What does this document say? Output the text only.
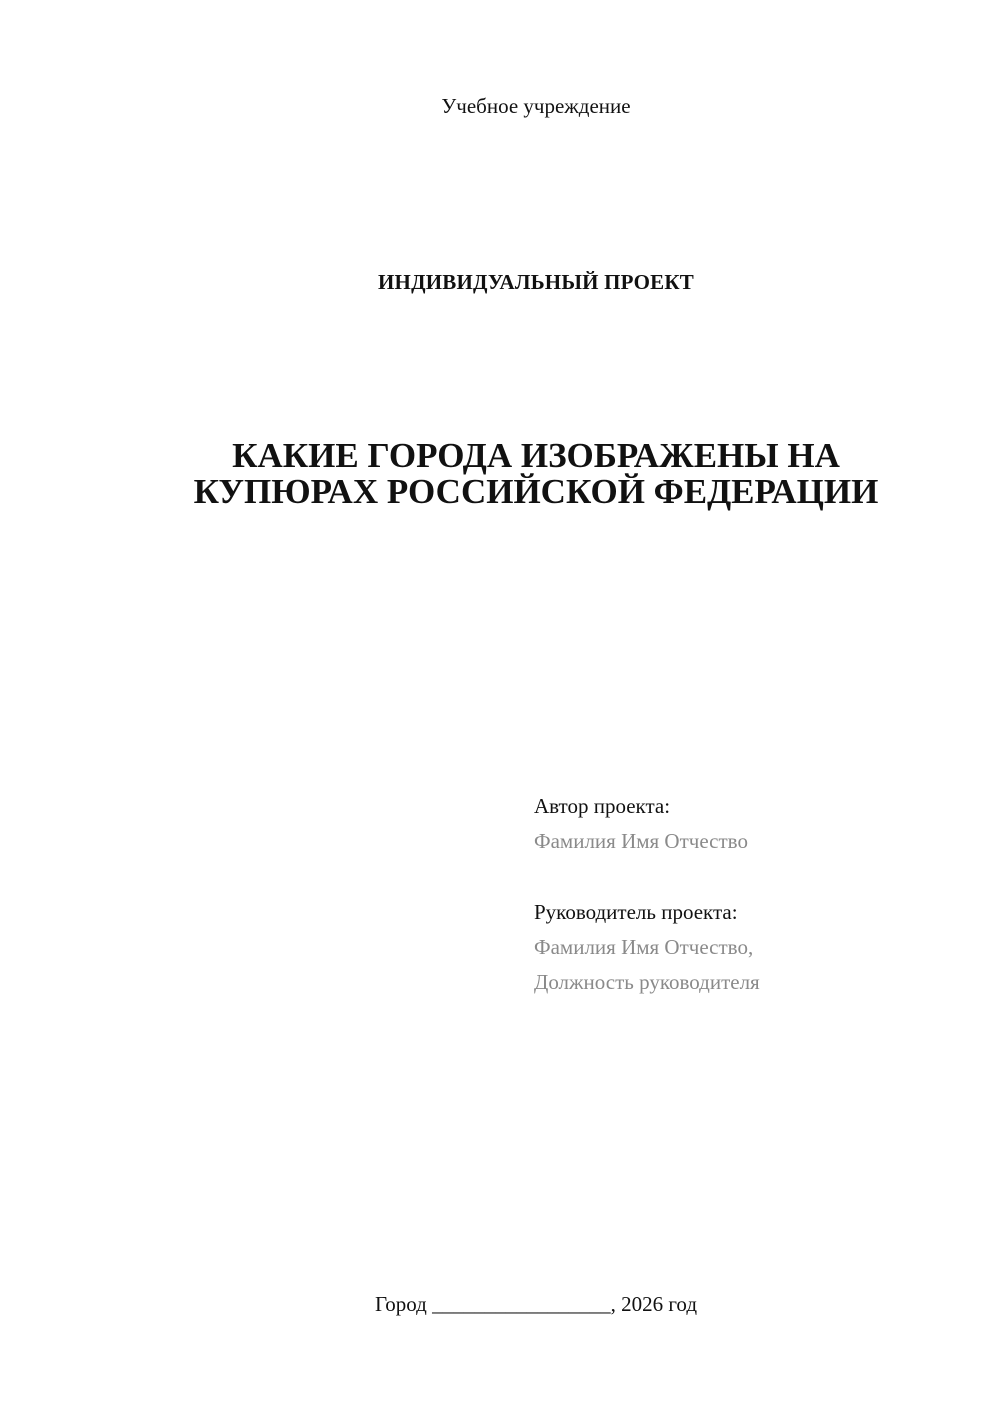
Учебное учреждение
ИНДИВИДУАЛЬНЫЙ ПРОЕКТ
КАКИЕ ГОРОДА ИЗОБРАЖЕНЫ НА
КУПЮРАХ РОССИЙСКОЙ ФЕДЕРАЦИИ
Автор проекта:
Фамилия Имя Отчество
Руководитель проекта:
Фамилия Имя Отчество,
Должность руководителя
Город _________________, 2026 год
